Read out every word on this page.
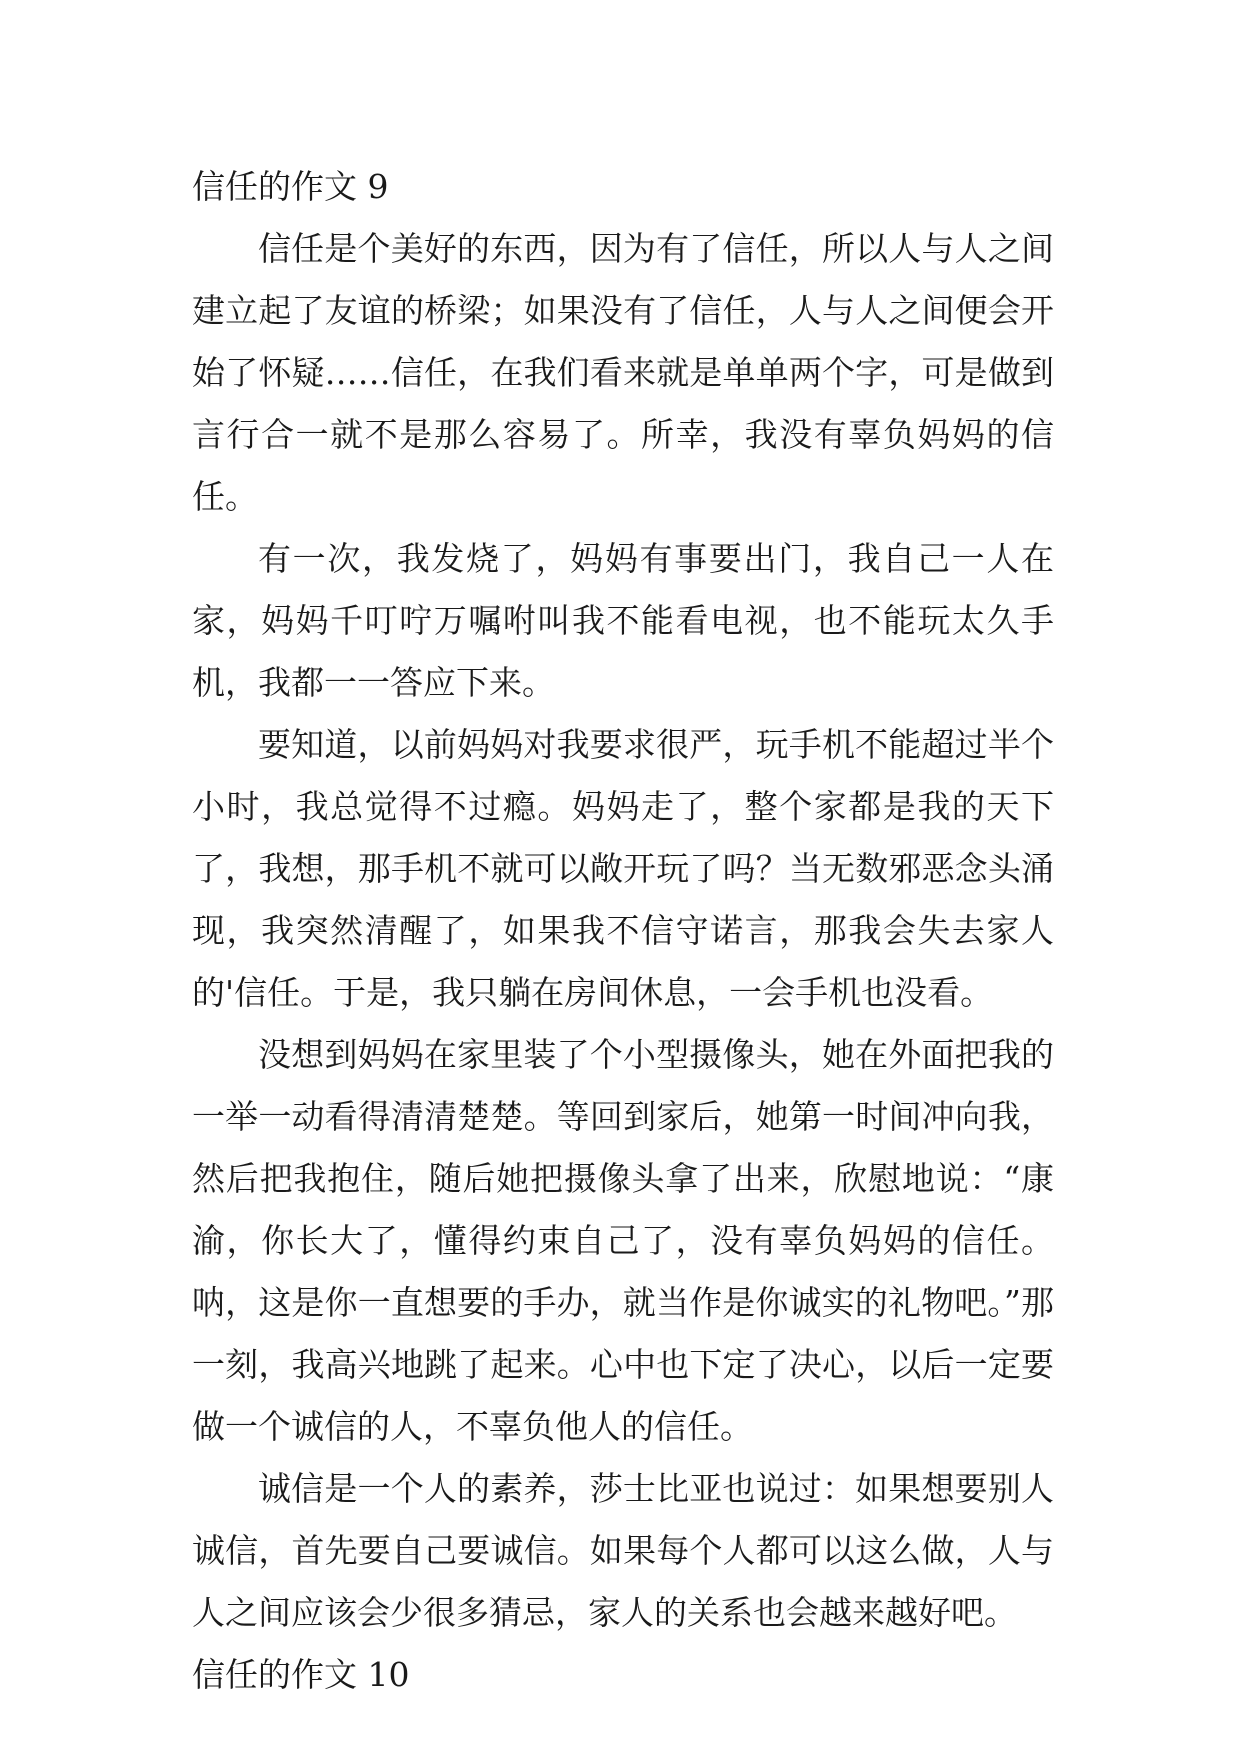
信任的作文 9

信任是个美好的东西，因为有了信任，所以人与人之间建立起了友谊的桥梁；如果没有了信任，人与人之间便会开始了怀疑……信任，在我们看来就是单单两个字，可是做到言行合一就不是那么容易了。所幸，我没有辜负妈妈的信任。

有一次，我发烧了，妈妈有事要出门，我自己一人在家，妈妈千叮咛万嘱咐叫我不能看电视，也不能玩太久手机，我都一一答应下来。

要知道，以前妈妈对我要求很严，玩手机不能超过半个小时，我总觉得不过瘾。妈妈走了，整个家都是我的天下了，我想，那手机不就可以敞开玩了吗？当无数邪恶念头涌现，我突然清醒了，如果我不信守诺言，那我会失去家人的'信任。于是，我只躺在房间休息，一会手机也没看。

没想到妈妈在家里装了个小型摄像头，她在外面把我的一举一动看得清清楚楚。等回到家后，她第一时间冲向我，然后把我抱住，随后她把摄像头拿了出来，欣慰地说：“康渝，你长大了，懂得约束自己了，没有辜负妈妈的信任。呐，这是你一直想要的手办，就当作是你诚实的礼物吧。”那一刻，我高兴地跳了起来。心中也下定了决心，以后一定要做一个诚信的人，不辜负他人的信任。

诚信是一个人的素养，莎士比亚也说过：如果想要别人诚信，首先要自己要诚信。如果每个人都可以这么做，人与人之间应该会少很多猜忌，家人的关系也会越来越好吧。

信任的作文 10
